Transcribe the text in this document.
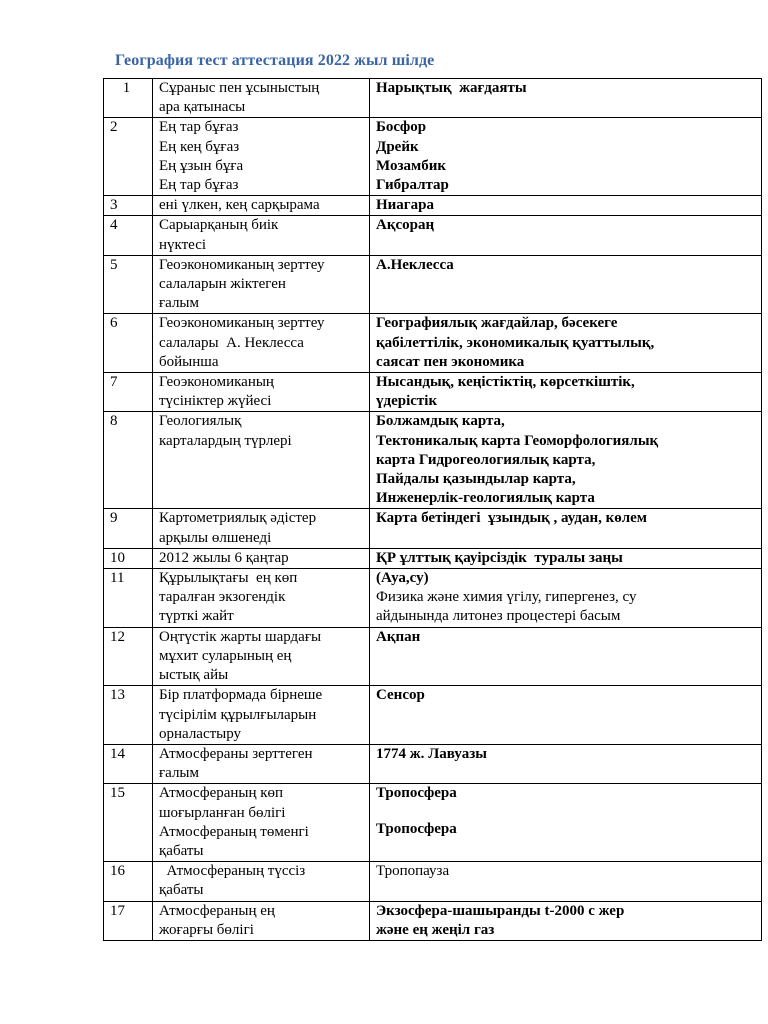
География тест аттестация 2022 жыл шілде
1	Сұраныс пен ұсыныстың
ара қатынасы	Нарықтық  жағдаяты

2	Ең тар бұғаз
Ең кең бұғаз
Ең ұзын бұға
Ең тар бұғаз	Босфор
Дрейк
Мозамбик
Гибралтар

3	ені үлкен, кең сарқырама	Ниагара

4	Сарыарқаның биік
нүктесі	Ақсораң

5	Геоэкономиканың зерттеу
салаларын жіктеген
ғалым	А.Неклесса

6	Геоэкономиканың зерттеу
салалары  А. Неклесса
бойынша	Географиялық жағдайлар, бәсекеге
қабілеттілік, экономикалық қуаттылық,
саясат пен экономика

7	Геоэкономиканың
түсініктер жүйесі	Нысандық, кеңістіктің, көрсеткіштік,
үдерістік

8	Геологиялық
карталардың түрлері	Болжамдық карта,
Тектоникалық карта Геоморфологиялық
карта Гидрогеологиялық карта,
Пайдалы қазындылар карта,
Инженерлік-геологиялық карта

9	Картометриялық әдістер
арқылы өлшенеді	Карта бетіндегі  ұзындық , аудан, көлем

10	2012 жылы 6 қаңтар	ҚР ұлттық қауірсіздік  туралы заңы

11	Құрылықтағы  ең көп
таралған экзогендік
түрткі жайт	(Ауа,су)
Физика және химия үгілу, гипергенез, су
айдынында литонез процестері басым

12	Оңтүстік жарты шардағы
мұхит суларының ең
ыстық айы	Ақпан

13	Бір платформада бірнеше
түсірілім құрылғыларын
орналастыру	Сенсор

14	Атмосфераны зерттеген
ғалым	1774 ж. Лавуазы

15	Атмосфераның көп
шоғырланған бөлігі
Атмосфераның төменгі
қабаты	Тропосфера
Тропосфера

16	Атмосфераның түссіз
қабаты	Тропопауза

17	Атмосфераның ең
жоғарғы бөлігі	Экзосфера-шашыранды t-2000 с жер
және ең жеңіл газ
